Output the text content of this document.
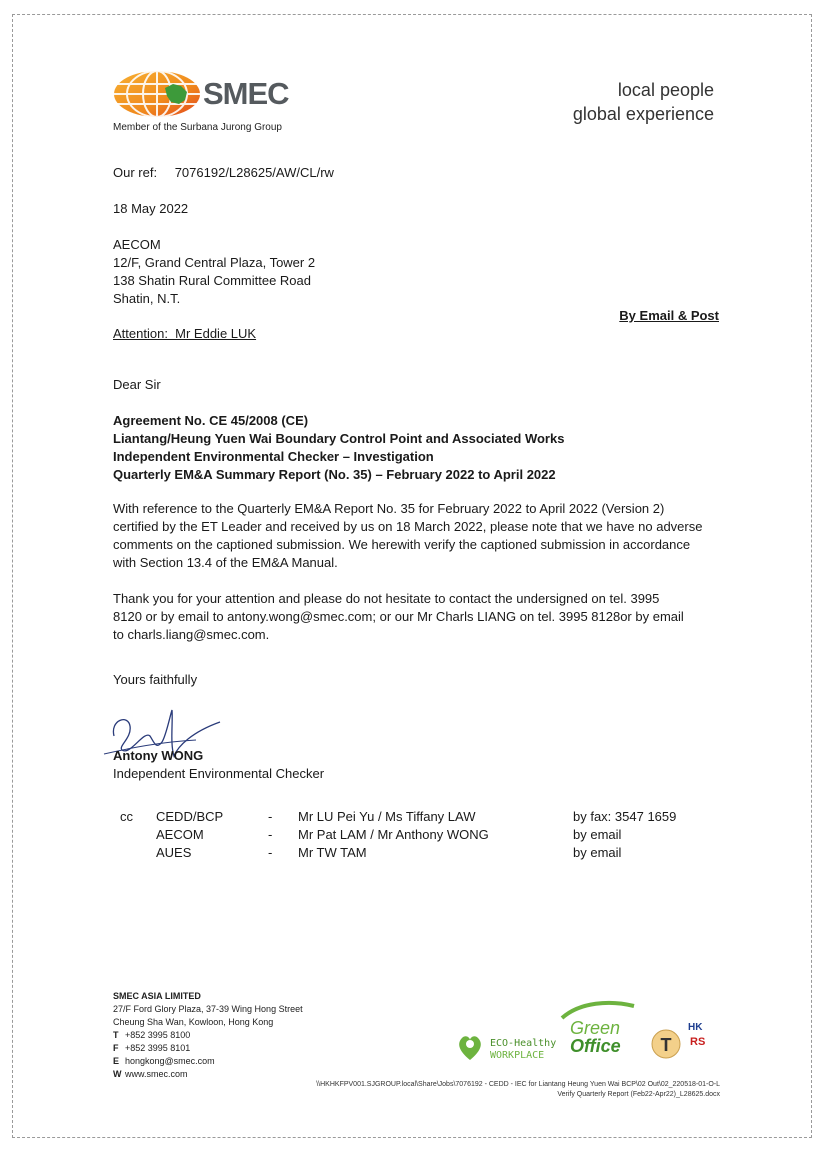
SMEC
Member of the Surbana Jurong Group
local people
global experience
Our ref: 7076192/L28625/AW/CL/rw
18 May 2022
AECOM
12/F, Grand Central Plaza, Tower 2
138 Shatin Rural Committee Road
Shatin, N.T.
By Email & Post
Attention:  Mr Eddie LUK
Dear Sir
Agreement No. CE 45/2008 (CE)
Liantang/Heung Yuen Wai Boundary Control Point and Associated Works
Independent Environmental Checker – Investigation
Quarterly EM&A Summary Report (No. 35) – February 2022 to April 2022
With reference to the Quarterly EM&A Report No. 35 for February 2022 to April 2022 (Version 2)
certified by the ET Leader and received by us on 18 March 2022, please note that we have no adverse
comments on the captioned submission. We herewith verify the captioned submission in accordance
with Section 13.4 of the EM&A Manual.
Thank you for your attention and please do not hesitate to contact the undersigned on tel. 3995
8120 or by email to antony.wong@smec.com; or our Mr Charls LIANG on tel. 3995 8128or by email
to charls.liang@smec.com.
Yours faithfully
Antony WONG
Independent Environmental Checker
cc CEDD/BCP	- Mr LU Pei Yu / Ms Tiffany LAW	by fax: 3547 1659
AECOM	- Mr Pat LAM / Mr Anthony WONG	by email
AUES	- Mr TW TAM	by email
SMEC ASIA LIMITED
27/F Ford Glory Plaza, 37-39 Wing Hong Street
Cheung Sha Wan, Kowloon, Hong Kong
T +852 3995 8100
F +852 3995 8101
E hongkong@smec.com
W www.smec.com
ECO-Healthy
WORKPLACE
Green
Office T
HK
RS
\\HKHKFPV001.SJGROUP.local\Share\Jobs\7076192 - CEDD - IEC for Liantang Heung Yuen Wai BCP\02 Out\02_220518-01-O-L
Verify Quarterly Report (Feb22-Apr22)_L28625.docx
